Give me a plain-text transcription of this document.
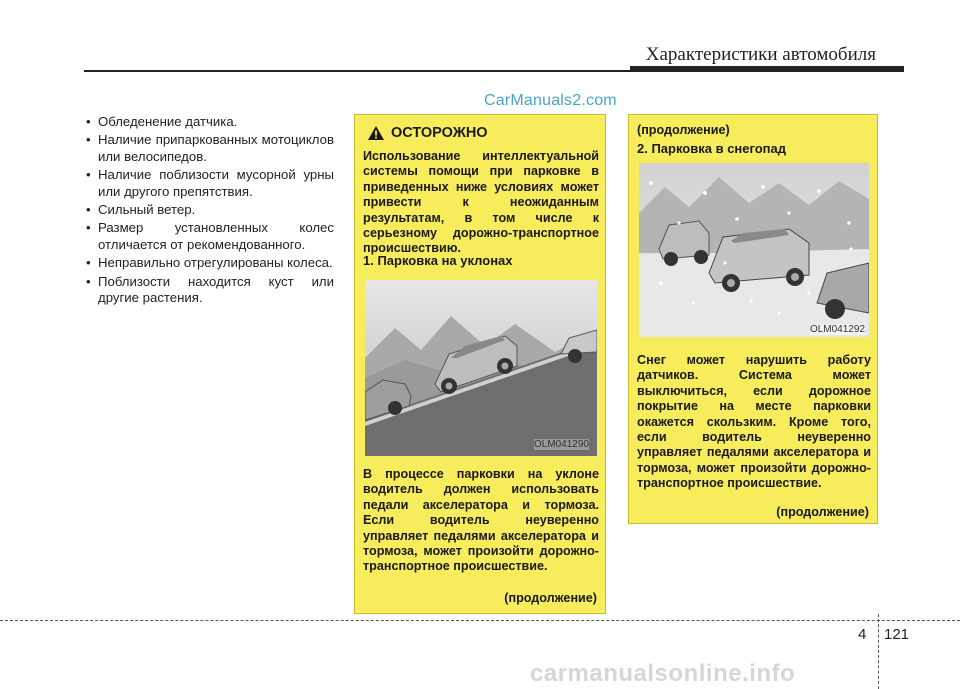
Характеристики автомобиля
CarManuals2.com
• Обледенение датчика.
• Наличие припаркованных мотоциклов или велосипедов.
• Наличие поблизости мусорной урны или другого препятствия.
• Сильный ветер.
• Размер установленных колес отличается от рекомендованного.
• Неправильно отрегулированы колеса.
• Поблизости находится куст или другие растения.
ОСТОРОЖНО
Использование интеллектуальной системы помощи при парковке в приведенных ниже условиях может привести к неожиданным результатам, в том числе к серьезному дорожно-транспортное происшествию.
1. Парковка на уклонах
OLM041290
В процессе парковки на уклоне водитель должен использовать педали акселератора и тормоза. Если водитель неуверенно управляет педалями акселератора и тормоза, может произойти дорожно-транспортное происшествие.
(продолжение)
(продолжение)
2. Парковка в снегопад
OLM041292
Снег может нарушить работу датчиков. Система может выключиться, если дорожное покрытие на месте парковки окажется скользким. Кроме того, если водитель неуверенно управляет педалями акселератора и тормоза, может произойти дорожно-транспортное происшествие.
(продолжение)
4 121
carmanualsonline.info
